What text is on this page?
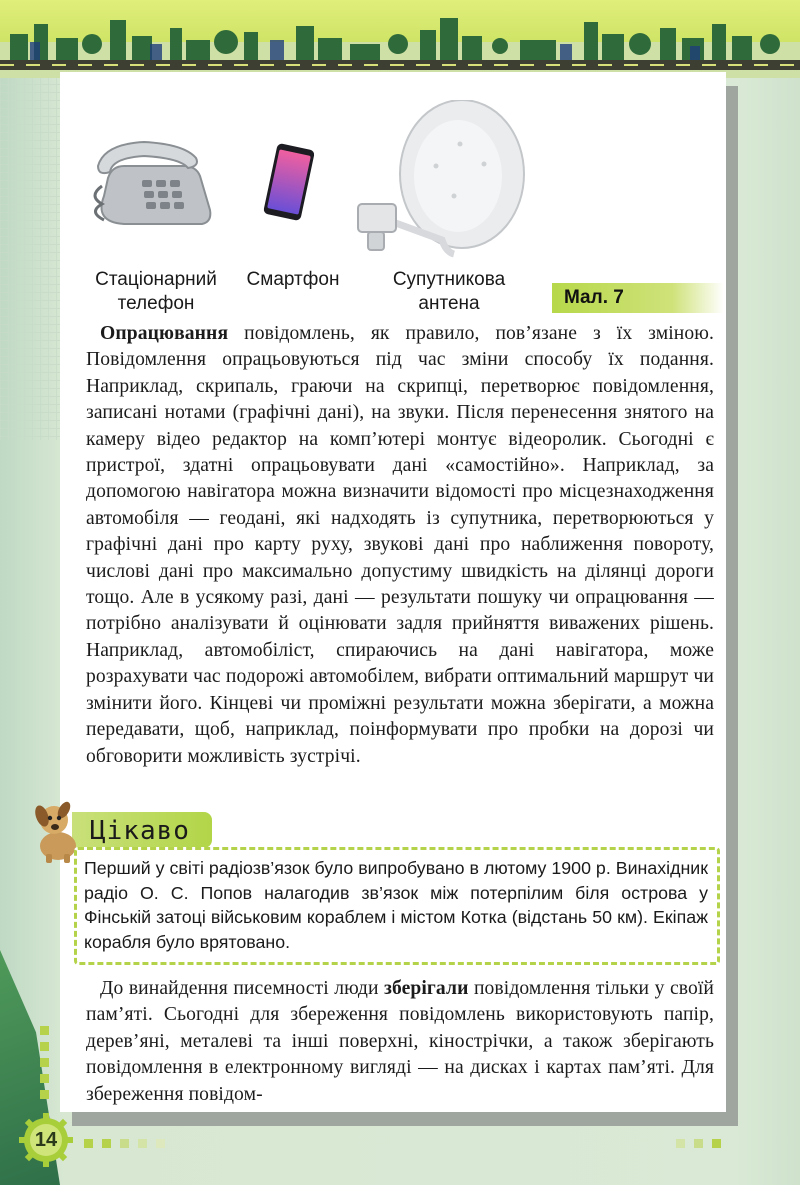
Стаціонарний
телефон
Смартфон	Супутникова
антена	Мал. 7
Опрацювання повідомлень, як правило, пов’язане з їх зміною. Повідомлення опрацьовуються під час зміни способу їх подання. Наприклад, скрипаль, граючи на скрипці, перетворює повідомлення, записані нотами (графічні дані), на звуки. Після перенесення знятого на камеру відео редактор на комп’ютері монтує відеоролик. Сьогодні є пристрої, здатні опрацьовувати дані «самостійно». Наприклад, за допомогою навігатора можна визначити відомості про місцезнаходження автомобіля — геодані, які надходять із супутника, перетворюються у графічні дані про карту руху, звукові дані про наближення повороту, числові дані про максимально допустиму швидкість на ділянці дороги тощо. Але в усякому разі, дані — результати пошуку чи опрацювання — потрібно аналізувати й оцінювати задля прийняття виважених рішень. Наприклад, автомобіліст, спираючись на дані навігатора, може розрахувати час подорожі автомобілем, вибрати оптимальний маршрут чи змінити його. Кінцеві чи проміжні результати можна зберігати, а можна передавати, щоб, наприклад, поінформувати про пробки на дорозі чи обговорити можливість зустрічі.
Цікаво
Перший у світі радіозв’язок було випробувано в лютому 1900 р. Винахідник радіо О. С. Попов налагодив зв’язок між потерпілим біля острова у Фінській затоці військовим кораблем і містом Котка (відстань 50 км). Екіпаж корабля було врятовано.
До винайдення писемності люди зберігали повідомлення тільки у своїй пам’яті. Сьогодні для збереження повідомлень використовують папір, дерев’яні, металеві та інші поверхні, кінострічки, а також зберігають повідомлення в електронному вигляді — на дисках і картах пам’яті. Для збереження повідом-
14
